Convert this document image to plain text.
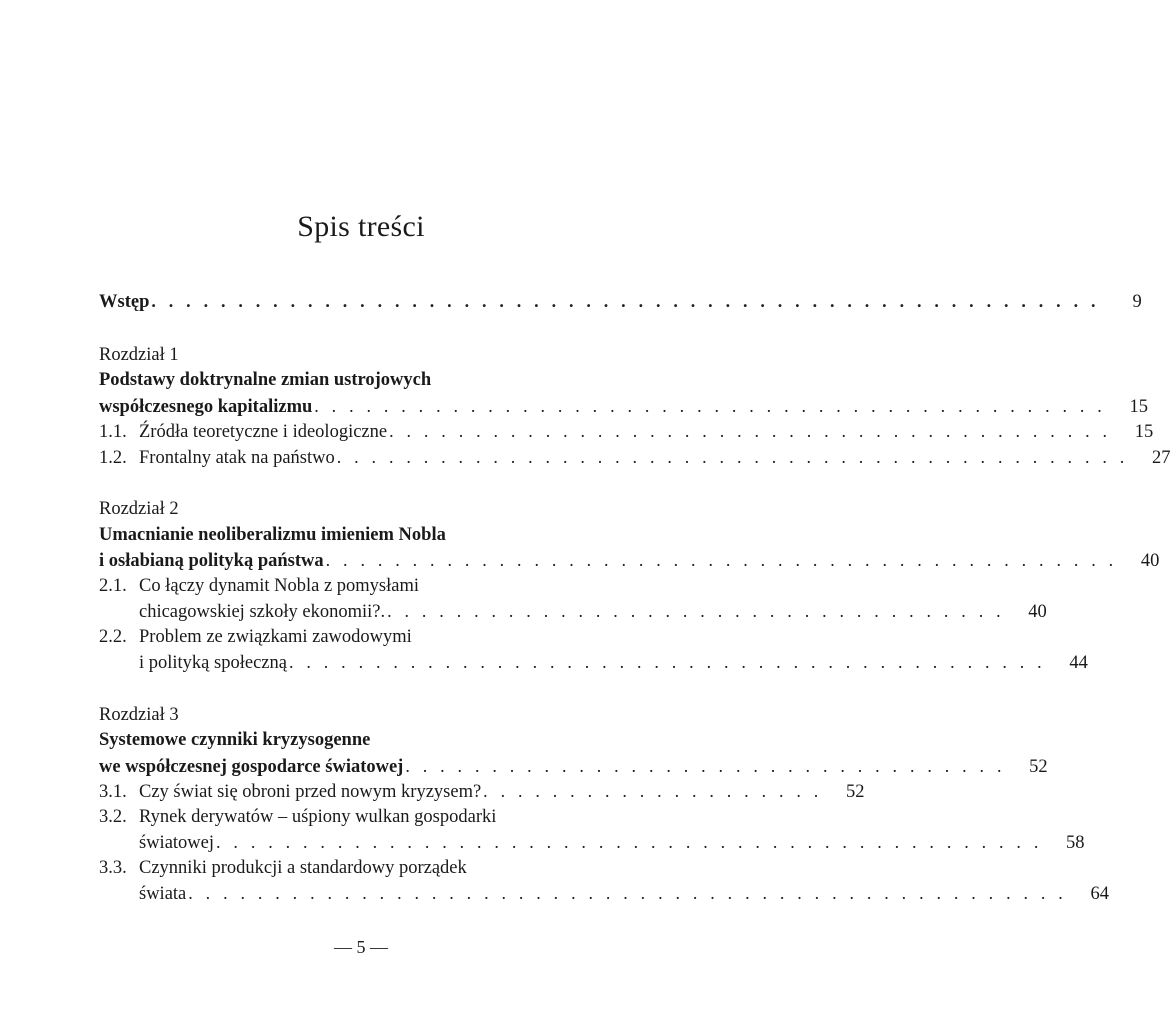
Spis treści
Wstęp . . . . . . . . . . . . . . . . . . . . . . . . . . . . . . . . . . . . . . . . . . . . . . . . . . . . . . .	9
Rozdział 1
Podstawy doktrynalne zmian ustrojowych
współczesnego kapitalizmu . . . . . . . . . . . . . . . . . . . . . . . . . . . . . . . . . . . . . . . . . . . . . .	15
1.1. Źródła teoretyczne i ideologiczne . . . . . . . . . . . . . . . . . . . . . . . . . . . . . . . . . . . . . . . . . .	15
1.2. Frontalny atak na państwo . . . . . . . . . . . . . . . . . . . . . . . . . . . . . . . . . . . . . . . . . . . . . .	27
Rozdział 2
Umacnianie neoliberalizmu imieniem Nobla
i osłabianą polityką państwa . . . . . . . . . . . . . . . . . . . . . . . . . . . . . . . . . . . . . . . . . . . . . .	40
2.1. Co łączy dynamit Nobla z pomysłami
chicagowskiej szkoły ekonomii?. . . . . . . . . . . . . . . . . . . . . . . . . . . . . . . . . . . . .	40
2.2. Problem ze związkami zawodowymi
i polityką społeczną . . . . . . . . . . . . . . . . . . . . . . . . . . . . . . . . . . . . . . . . . . . .	44
Rozdział 3
Systemowe czynniki kryzysogenne
we współczesnej gospodarce światowej . . . . . . . . . . . . . . . . . . . . . . . . . . . . . . . . . . .	52
3.1. Czy świat się obroni przed nowym kryzysem? . . . . . . . . . . . . . . . . . . . .	52
3.2. Rynek derywatów – uśpiony wulkan gospodarki
światowej . . . . . . . . . . . . . . . . . . . . . . . . . . . . . . . . . . . . . . . . . . . . . . . .	58
3.3. Czynniki produkcji a standardowy porządek
świata . . . . . . . . . . . . . . . . . . . . . . . . . . . . . . . . . . . . . . . . . . . . . . . . . . .	64
— 5 —
